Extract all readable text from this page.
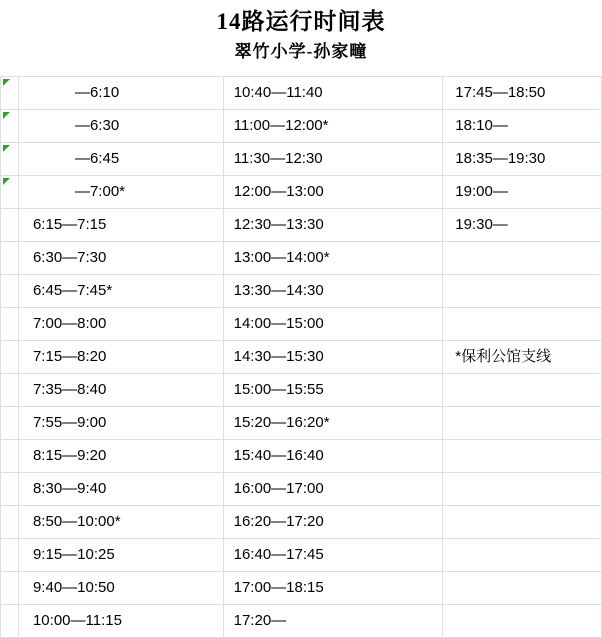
14路运行时间表
翠竹小学-孙家疃
—6:10	10:40—11:40	17:45—18:50
—6:30	11:00—12:00*	18:10—
—6:45	11:30—12:30	18:35—19:30
—7:00*	12:00—13:00	19:00—
6:15—7:15	12:30—13:30	19:30—
6:30—7:30	13:00—14:00*
6:45—7:45*	13:30—14:30
7:00—8:00	14:00—15:00
7:15—8:20	14:30—15:30	*保利公馆支线
7:35—8:40	15:00—15:55
7:55—9:00	15:20—16:20*
8:15—9:20	15:40—16:40
8:30—9:40	16:00—17:00
8:50—10:00*	16:20—17:20
9:15—10:25	16:40—17:45
9:40—10:50	17:00—18:15
10:00—11:15	17:20—
